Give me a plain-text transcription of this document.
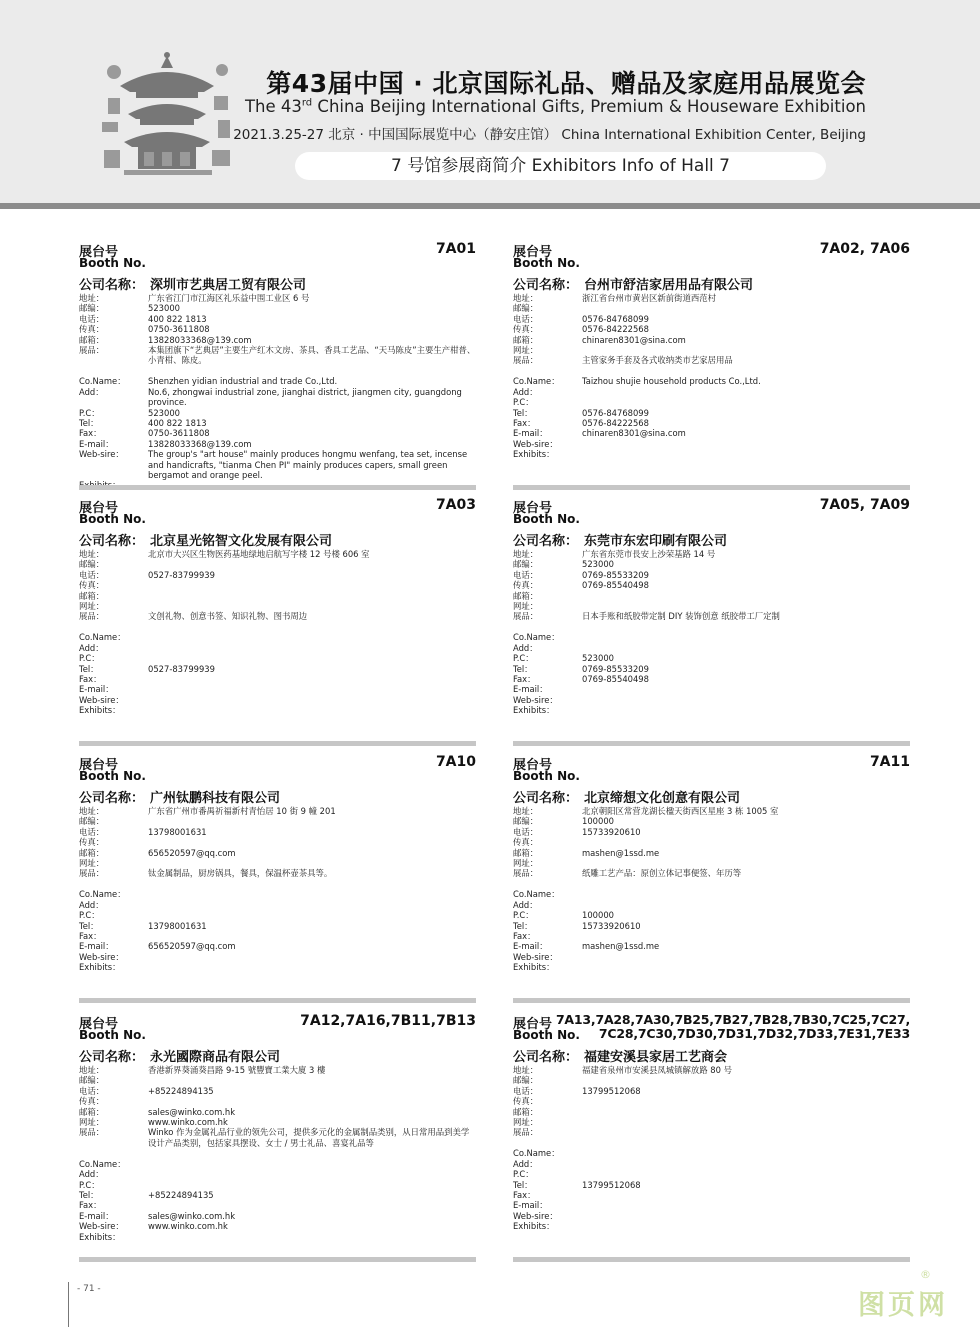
第43届中国 · 北京国际礼品、赠品及家庭用品展览会
The 43rd China Beijing International Gifts, Premium & Houseware Exhibition
2021.3.25-27 北京 · 中国国际展览中心（静安庄馆） China International Exhibition Center, Beijing
7 号馆参展商简介 Exhibitors Info of Hall 7
展台号
Booth No.
7A01
公司名称： 深圳市艺典居工贸有限公司
地址：	广东省江门市江海区礼乐益中围工业区 6 号
邮编：	523000
电话：	400 822 1813
传真：	0750-3611808
邮箱：	13828033368@139.com
展品：	本集团旗下“艺典居”主要生产红木文房、茶具、香具工艺品、“天马陈皮”主要生产柑普、小青柑、陈皮。
Co.Name：	Shenzhen yidian industrial and trade Co.,Ltd.
Add：	No.6, zhongwai industrial zone, jianghai district, jiangmen city, guangdong province.
P.C：	523000
Tel：	400 822 1813
Fax：	0750-3611808
E-mail：	13828033368@139.com
Web-sire：	The group's "art house" mainly produces hongmu wenfang, tea set, incense and handicrafts, "tianma Chen PI" mainly produces capers, small green bergamot and orange peel.
展台号
Booth No.
7A02, 7A06
公司名称： 台州市舒洁家居用品有限公司
地址：	浙江省台州市黄岩区新前街道西范村
邮编：
电话：	0576-84768099
传真：	0576-84222568
邮箱：	chinaren8301@sina.com
网址：
展品：	主管家务手套及各式收纳类市艺家居用品
Co.Name：	Taizhou shujie household products Co.,Ltd.
Add：
P.C：
Tel：	0576-84768099
Fax：	0576-84222568
E-mail：	chinaren8301@sina.com
Web-sire：
Exhibits：
展台号
Booth No.
7A03
公司名称： 北京星光铭智文化发展有限公司
地址：	北京市大兴区生物医药基地绿地启航写字楼 12 号楼 606 室
邮编：
电话：	0527-83799939
传真：
邮箱：
网址：
展品：	文创礼物、创意书签、知识礼物、图书周边
Co.Name：
Add：
P.C：
Tel：	0527-83799939
Fax：
E-mail：
Web-sire：
Exhibits：
展台号
Booth No.
7A05, 7A09
公司名称： 东莞市东宏印刷有限公司
地址：	广东省东莞市長安上沙荣基路 14 号
邮编：	523000
电话：	0769-85533209
传真：	0769-85540498
邮箱：
网址：
展品：	日本手账和纸胶带定制 DIY 装饰创意 纸胶带工厂定制
Co.Name：
Add：
P.C：	523000
Tel：	0769-85533209
Fax：	0769-85540498
E-mail：
Web-sire：
Exhibits：
展台号
Booth No.
7A10
公司名称： 广州钛鹏科技有限公司
地址：	广东省广州市番禺祈福新村青怡居 10 街 9 幢 201
邮编：
电话：	13798001631
传真：
邮箱：	656520597@qq.com
网址：
展品：	钛金属制品，厨房锅具，餐具，保温杯壶茶具等。
Co.Name：
Add：
P.C：
Tel：	13798001631
Fax：
E-mail：	656520597@qq.com
Web-sire：
Exhibits：
展台号
Booth No.
7A11
公司名称： 北京缔想文化创意有限公司
地址：	北京朝阳区常营龙湖长楹天街西区星座 3 栋 1005 室
邮编：	100000
电话：	15733920610
传真：
邮箱：	mashen@1ssd.me
网址：
展品：	纸雕工艺产品：原创立体记事便签、年历等
Co.Name：
Add：
P.C：	100000
Tel：	15733920610
Fax：
E-mail：	mashen@1ssd.me
Web-sire：
Exhibits：
展台号
Booth No.
7A12,7A16,7B11,7B13
公司名称： 永光國際商品有限公司
地址：	香港新界葵涌葵昌路 9-15 號豐寶工業大廈 3 樓
邮编：
电话：	+85224894135
传真：
邮箱：	sales@winko.com.hk
网址：	www.winko.com.hk
展品：	Winko 作为金属礼品行业的领先公司，提供多元化的金属制品类别，从日常用品到美学设计产品类别，包括家具摆设、女士 / 男士礼品、喜宴礼品等
Co.Name：
Add：
P.C：
Tel：	+85224894135
Fax：
E-mail：	sales@winko.com.hk
Web-sire：	www.winko.com.hk
Exhibits：
展台号
Booth No.
7A13,7A28,7A30,7B25,7B27,7B28,7B30,7C25,7C27,
7C28,7C30,7D30,7D31,7D32,7D33,7E31,7E33
公司名称： 福建安溪县家居工艺商会
地址：	福建省泉州市安溪县凤城镇解放路 80 号
邮编：
电话：	13799512068
传真：
邮箱：
网址：
展品：
Co.Name：
Add：
P.C：
Tel：	13799512068
Fax：
E-mail：
Web-sire：
Exhibits：
- 71 -
图页网
®
